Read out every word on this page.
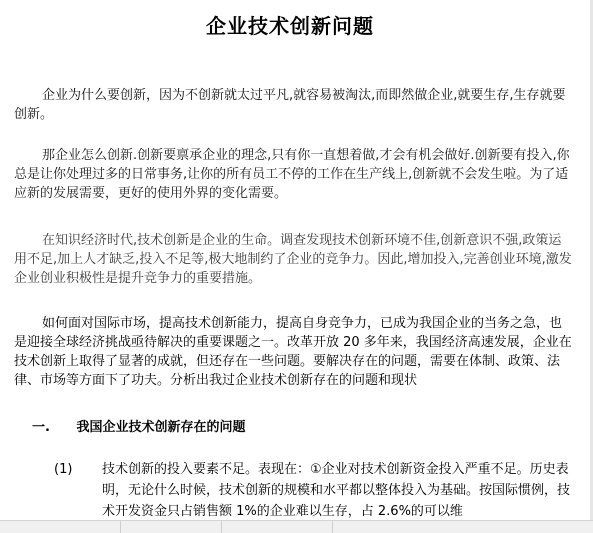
企业技术创新问题

企业为什么要创新，因为不创新就太过平凡,就容易被淘汰,而即然做企业,就要生存,生存就要创新。

那企业怎么创新.创新要禀承企业的理念,只有你一直想着做,才会有机会做好.创新要有投入,你总是让你处理过多的日常事务,让你的所有员工不停的工作在生产线上,创新就不会发生啦。为了适应新的发展需要，更好的使用外界的变化需要。

在知识经济时代,技术创新是企业的生命。调查发现技术创新环境不佳,创新意识不强,政策运用不足,加上人才缺乏,投入不足等,极大地制约了企业的竞争力。因此,增加投入,完善创业环境,激发企业创业积极性是提升竞争力的重要措施。

如何面对国际市场，提高技术创新能力，提高自身竞争力，已成为我国企业的当务之急，也是迎接全球经济挑战亟待解决的重要课题之一。改革开放 20 多年来，我国经济高速发展，企业在技术创新上取得了显著的成就，但还存在一些问题。要解决存在的问题，需要在体制、政策、法律、市场等方面下了功夫。分析出我过企业技术创新存在的问题和现状

一. 我国企业技术创新存在的问题
(1) 技术创新的投入要素不足。表现在：①企业对技术创新资金投入严重不足。历史表明，无论什么时候，技术创新的规模和水平都以整体投入为基础。按国际惯例，技术开发资金只占销售额 1%的企业难以生存，占 2.6%的可以维
